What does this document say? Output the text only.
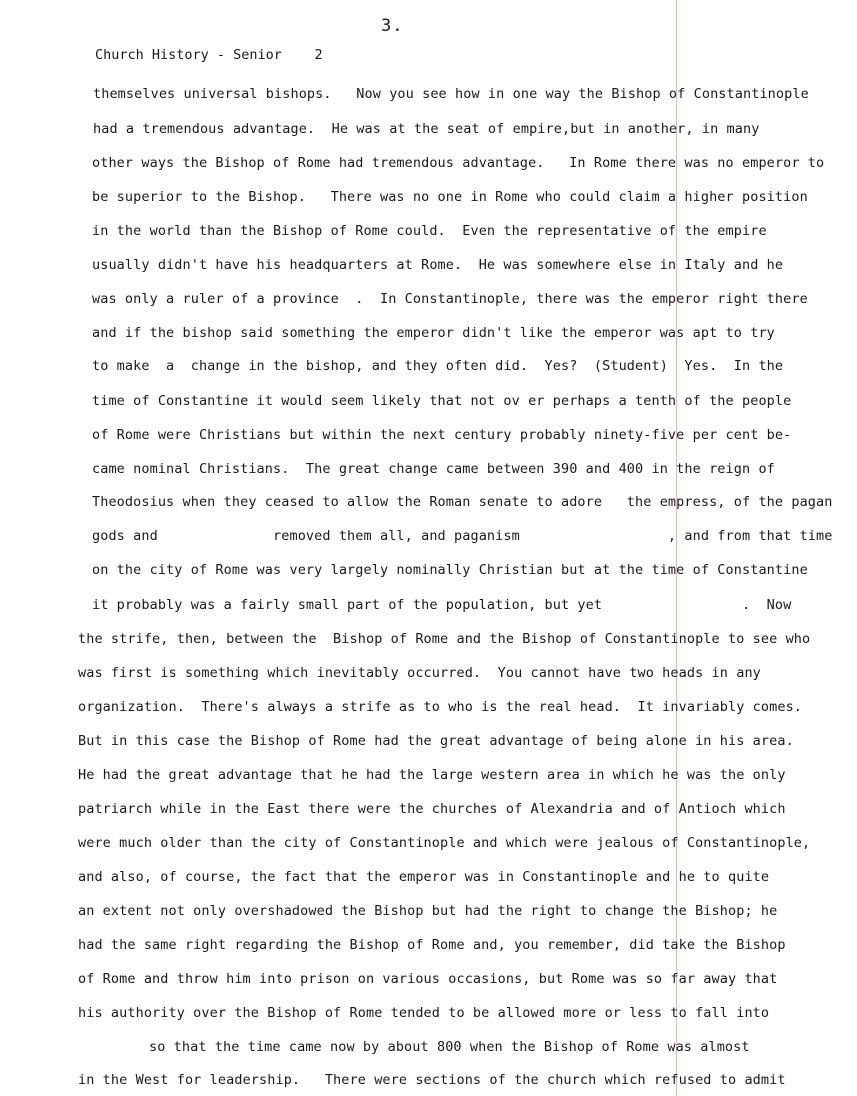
3.
Church History - Senior    2
themselves universal bishops.   Now you see how in one way the Bishop of Constantinople
had a tremendous advantage.  He was at the seat of empire,but in another, in many
other ways the Bishop of Rome had tremendous advantage.   In Rome there was no emperor to
be superior to the Bishop.   There was no one in Rome who could claim a higher position
in the world than the Bishop of Rome could.  Even the representative of the empire
usually didn't have his headquarters at Rome.  He was somewhere else in Italy and he
was only a ruler of a province  .  In Constantinople, there was the emperor right there
and if the bishop said something the emperor didn't like the emperor was apt to try
to make  a  change in the bishop, and they often did.  Yes?  (Student)  Yes.  In the
time of Constantine it would seem likely that not ov er perhaps a tenth of the people
of Rome were Christians but within the next century probably ninety-five per cent be-
came nominal Christians.  The great change came between 390 and 400 in the reign of
Theodosius when they ceased to allow the Roman senate to adore   the empress, of the pagan
gods and              removed them all, and paganism                  , and from that time
on the city of Rome was very largely nominally Christian but at the time of Constantine
it probably was a fairly small part of the population, but yet                 .  Now
the strife, then, between the  Bishop of Rome and the Bishop of Constantinople to see who
was first is something which inevitably occurred.  You cannot have two heads in any
organization.  There's always a strife as to who is the real head.  It invariably comes.
But in this case the Bishop of Rome had the great advantage of being alone in his area.
He had the great advantage that he had the large western area in which he was the only
patriarch while in the East there were the churches of Alexandria and of Antioch which
were much older than the city of Constantinople and which were jealous of Constantinople,
and also, of course, the fact that the emperor was in Constantinople and he to quite
an extent not only overshadowed the Bishop but had the right to change the Bishop; he
had the same right regarding the Bishop of Rome and, you remember, did take the Bishop
of Rome and throw him into prison on various occasions, but Rome was so far away that
his authority over the Bishop of Rome tended to be allowed more or less to fall into
so that the time came now by about 800 when the Bishop of Rome was almost
in the West for leadership.   There were sections of the church which refused to admit
